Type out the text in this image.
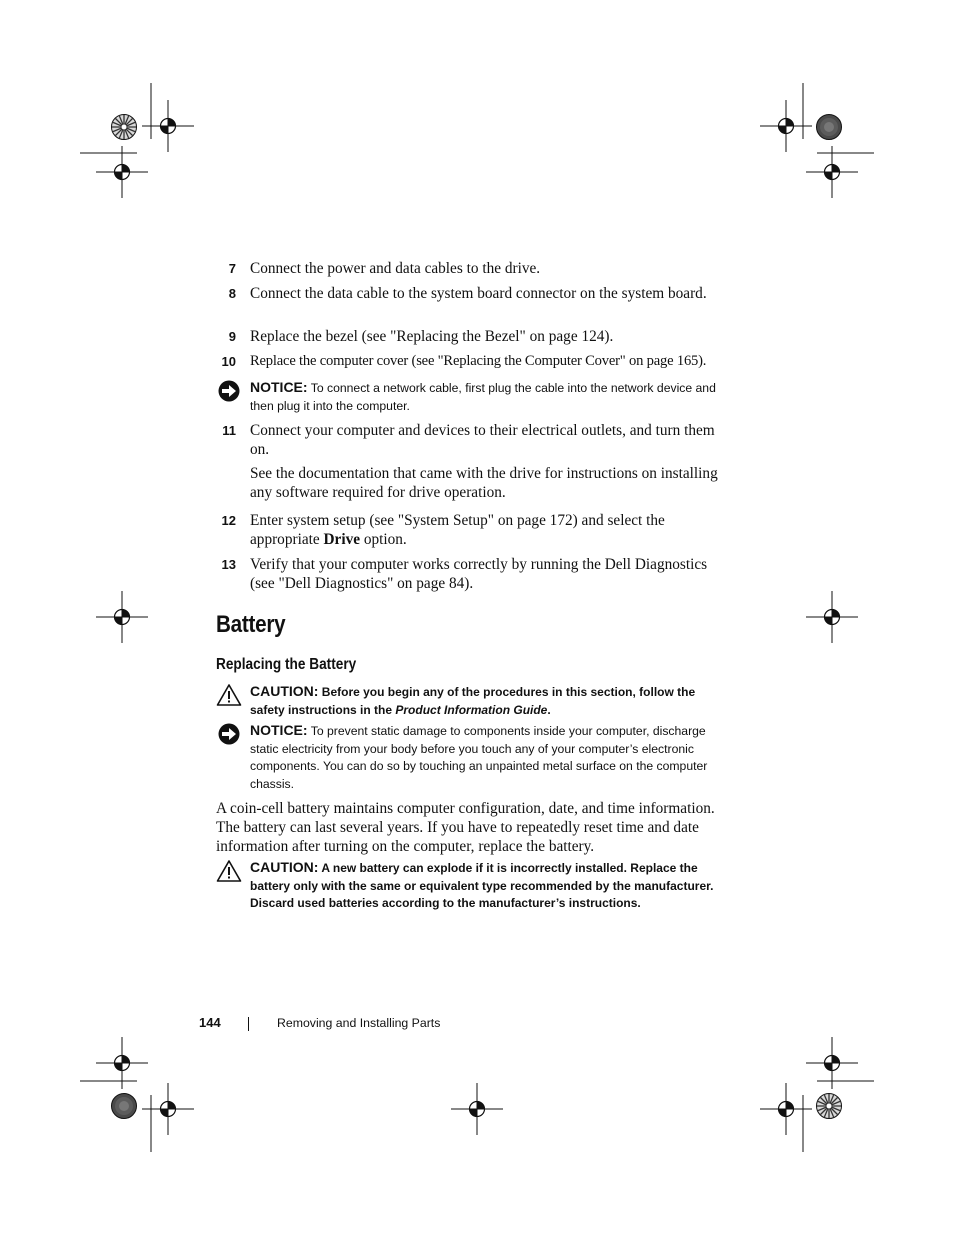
7 Connect the power and data cables to the drive.
8 Connect the data cable to the system board connector on the system board.
9 Replace the bezel (see "Replacing the Bezel" on page 124).
10 Replace the computer cover (see "Replacing the Computer Cover" on page 165).
NOTICE: To connect a network cable, first plug the cable into the network device and then plug it into the computer.
11 Connect your computer and devices to their electrical outlets, and turn them on.
See the documentation that came with the drive for instructions on installing any software required for drive operation.
12 Enter system setup (see "System Setup" on page 172) and select the appropriate Drive option.
13 Verify that your computer works correctly by running the Dell Diagnostics (see "Dell Diagnostics" on page 84).
Battery
Replacing the Battery
CAUTION: Before you begin any of the procedures in this section, follow the safety instructions in the Product Information Guide.
NOTICE: To prevent static damage to components inside your computer, discharge static electricity from your body before you touch any of your computer’s electronic components. You can do so by touching an unpainted metal surface on the computer chassis.
A coin-cell battery maintains computer configuration, date, and time information. The battery can last several years. If you have to repeatedly reset time and date information after turning on the computer, replace the battery.
CAUTION: A new battery can explode if it is incorrectly installed. Replace the battery only with the same or equivalent type recommended by the manufacturer. Discard used batteries according to the manufacturer’s instructions.
144	Removing and Installing Parts
